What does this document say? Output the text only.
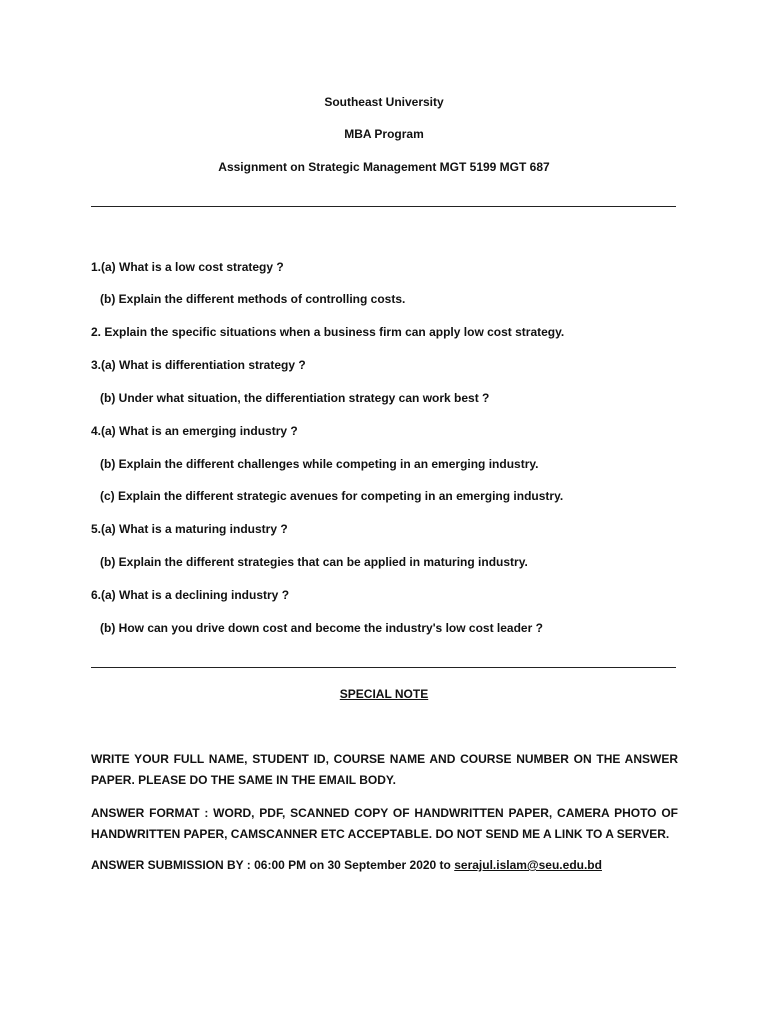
Southeast University
MBA Program
Assignment on Strategic Management MGT 5199 MGT 687
1.(a) What is a low cost strategy ?
(b) Explain the different methods of controlling costs.
2. Explain the specific situations when a business firm can apply low cost strategy.
3.(a) What is differentiation strategy ?
(b) Under what situation, the differentiation strategy can work best ?
4.(a) What is an emerging industry ?
(b) Explain the different challenges while competing in an emerging industry.
(c) Explain the different strategic avenues for competing in an emerging industry.
5.(a) What is a maturing industry ?
(b) Explain the different strategies that can be applied in maturing industry.
6.(a) What is a declining industry ?
(b) How can you drive down cost and become the industry's low cost leader ?
SPECIAL NOTE
WRITE YOUR FULL NAME, STUDENT ID, COURSE NAME AND COURSE NUMBER ON THE ANSWER PAPER. PLEASE DO THE SAME IN THE EMAIL BODY.
ANSWER FORMAT : WORD, PDF, SCANNED COPY OF HANDWRITTEN PAPER, CAMERA PHOTO OF HANDWRITTEN PAPER, CAMSCANNER ETC ACCEPTABLE. DO NOT SEND ME A LINK TO A SERVER.
ANSWER SUBMISSION BY : 06:00 PM on 30 September 2020 to serajul.islam@seu.edu.bd
